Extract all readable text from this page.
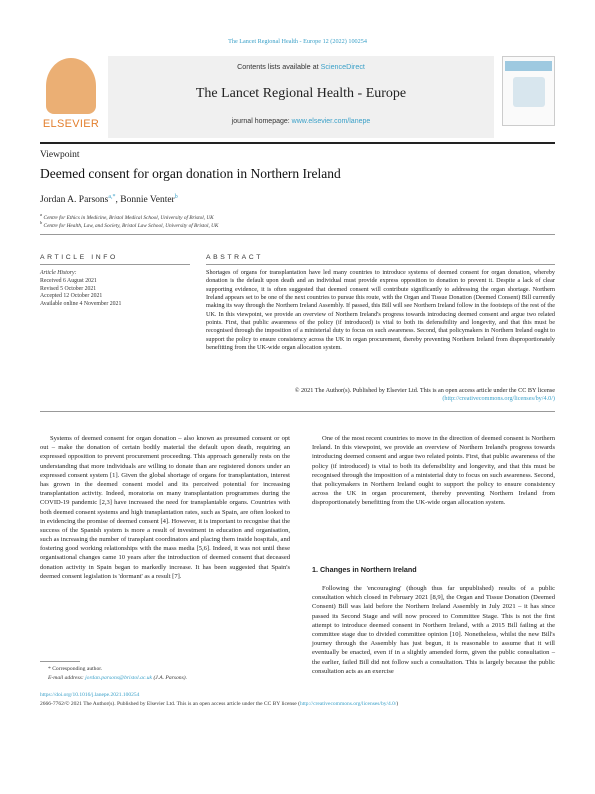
The Lancet Regional Health - Europe 12 (2022) 100254
ELSEVIER
Contents lists available at ScienceDirect
The Lancet Regional Health - Europe
journal homepage: www.elsevier.com/lanepe
Viewpoint
Deemed consent for organ donation in Northern Ireland
Jordan A. Parsons$^{a,*}$, Bonnie Venter$^b$
$^a$ Centre for Ethics in Medicine, Bristol Medical School, University of Bristol, UK
$^b$ Centre for Health, Law, and Society, Bristol Law School, University of Bristol, UK
ARTICLE INFO
Article History:
Received 6 August 2021
Revised 5 October 2021
Accepted 12 October 2021
Available online 4 November 2021
ABSTRACT
Shortages of organs for transplantation have led many countries to introduce systems of deemed consent for organ donation, whereby donation is the default upon death and an individual must provide express opposition to donation to prevent it. Despite a lack of clear supporting evidence, it is often suggested that deemed consent will contribute significantly to addressing the organ shortage. Northern Ireland appears set to be one of the next countries to pursue this route, with the Organ and Tissue Donation (Deemed Consent) Bill currently making its way through the Northern Ireland Assembly. If passed, this Bill will see Northern Ireland follow in the footsteps of the rest of the UK. In this viewpoint, we provide an overview of Northern Ireland's progress towards introducing deemed consent and argue two related points. First, that public awareness of the policy (if introduced) is vital to both its defensibility and longevity, and that this must be recognised through the imposition of a ministerial duty to focus on such awareness. Second, that policymakers in Northern Ireland ought to support the policy to ensure consistency across the UK in organ procurement, thereby preventing Northern Ireland from disproportionately benefitting from the UK-wide organ allocation system.
© 2021 The Author(s). Published by Elsevier Ltd. This is an open access article under the CC BY license
(http://creativecommons.org/licenses/by/4.0/)

Systems of deemed consent for organ donation – also known as presumed consent or opt out – make the donation of certain bodily material the default upon death, requiring an expressed opposition to prevent procurement proceeding. This approach generally rests on the understanding that more individuals are willing to donate than are registered donors under an expressed consent system [1]. Given the global shortage of organs for transplantation, interest has grown in the deemed consent model and its perceived potential for increasing transplantation activity. Indeed, moratoria on many transplantation programmes during the COVID-19 pandemic [2,3] have increased the need for transplantable organs. Countries with both deemed consent systems and high transplantation rates, such as Spain, are often looked to in evidencing the promise of deemed consent [4]. However, it is important to recognise that the success of the Spanish system is more a result of investment in education and organisation, such as increasing the number of transplant coordinators and placing them inside hospitals, and fostering good working relationships with the mass media [5,6]. Indeed, it was not until these organisational changes came 10 years after the introduction of deemed consent that deceased donation activity in Spain began to markedly increase. It has been suggested that Spain's deemed consent legislation is 'dormant' as a result [7].

One of the most recent countries to move in the direction of deemed consent is Northern Ireland. In this viewpoint, we provide an overview of Northern Ireland's progress towards introducing deemed consent and argue two related points. First, that public awareness of the policy (if introduced) is vital to both its defensibility and longevity, and that this must be recognised through the imposition of a ministerial duty to focus on such awareness. Second, that policymakers in Northern Ireland ought to support the policy to ensure consistency across the UK in organ procurement, thereby preventing Northern Ireland from disproportionately benefitting from the UK-wide organ allocation system.

1. Changes in Northern Ireland

Following the 'encouraging' (though thus far unpublished) results of a public consultation which closed in February 2021 [8,9], the Organ and Tissue Donation (Deemed Consent) Bill was laid before the Northern Ireland Assembly in July 2021 – it has since passed its Second Stage and will now proceed to Committee Stage. This is not the first attempt to introduce deemed consent in Northern Ireland, with a 2015 Bill failing at the committee stage due to divided committee opinion [10]. Nonetheless, whilst the new Bill's journey through the Assembly has just begun, it is reasonable to assume that it will eventually be enacted, even if in a slightly amended form, given the public consultation – the earlier, failed Bill did not follow such a consultation. This is largely because the public consultation acts as an exercise

* Corresponding author.
E-mail address: jordan.parsons@bristol.ac.uk (J.A. Parsons).
https://doi.org/10.1016/j.lanepe.2021.100254
2666-7762/© 2021 The Author(s). Published by Elsevier Ltd. This is an open access article under the CC BY license (http://creativecommons.org/licenses/by/4.0/)
